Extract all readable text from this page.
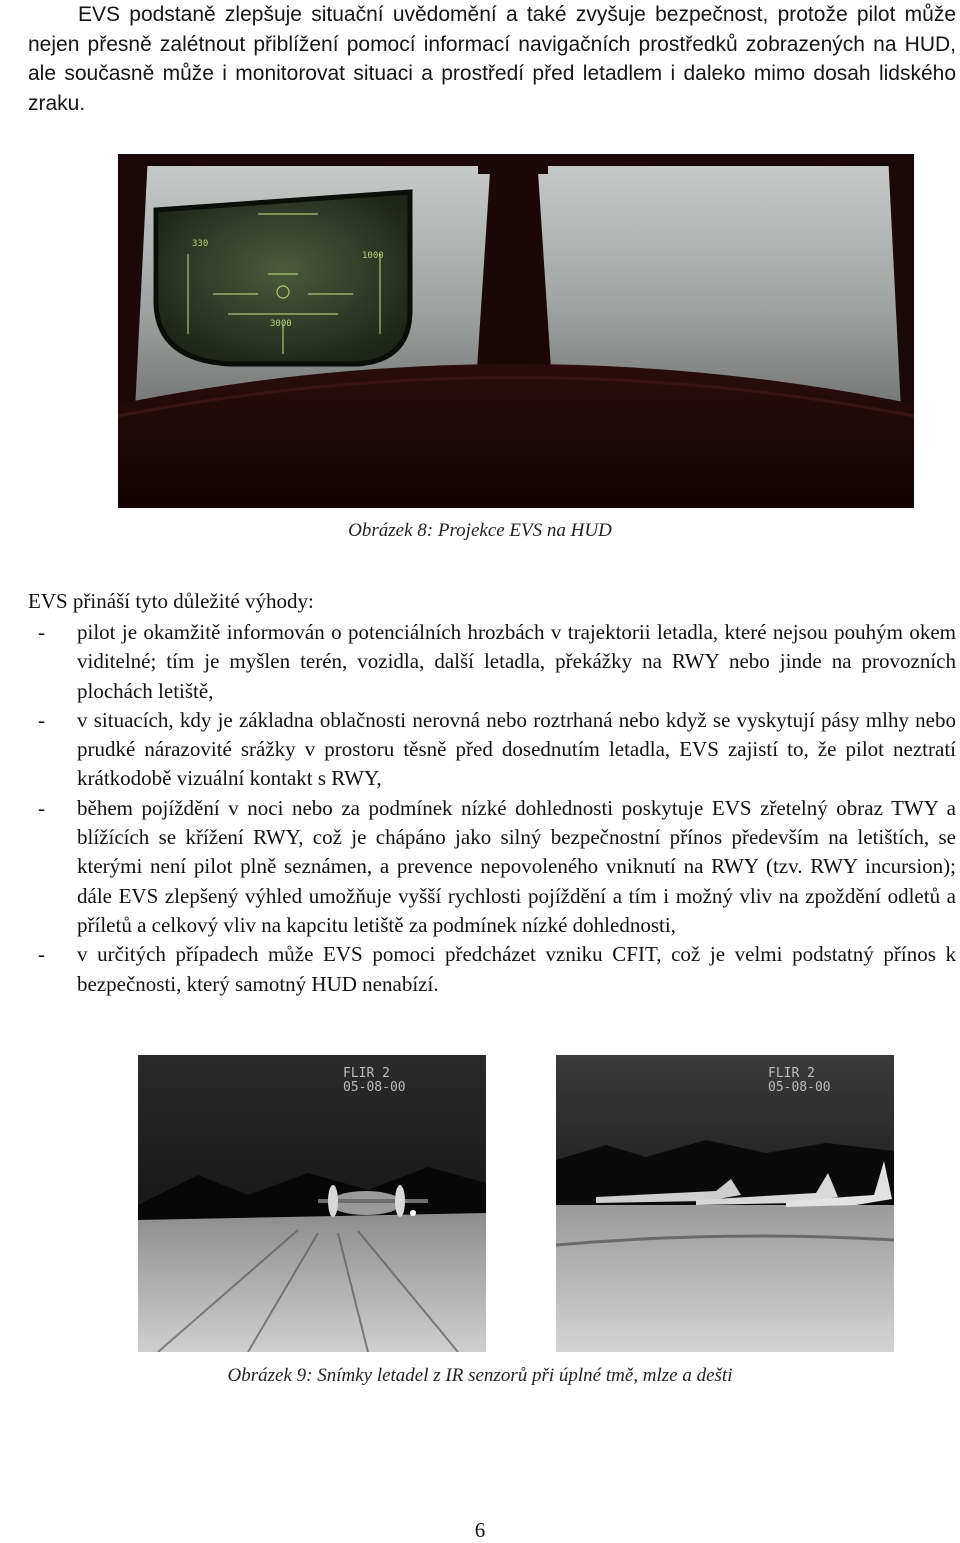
EVS podstaně zlepšuje situační uvědomění a také zvyšuje bezpečnost, protože pilot může nejen přesně zalétnout přiblížení pomocí informací navigačních prostředků zobrazených na HUD, ale současně může i monitorovat situaci a prostředí před letadlem i daleko mimo dosah lidského zraku.

330
1000
3000

Obrázek 8: Projekce EVS na HUD

EVS přináší tyto důležité výhody:

- pilot je okamžitě informován o potenciálních hrozbách v trajektorii letadla, které nejsou pouhým okem viditelné; tím je myšlen terén, vozidla, další letadla, překážky na RWY nebo jinde na provozních plochách letiště,
- v situacích, kdy je základna oblačnosti nerovná nebo roztrhaná nebo když se vyskytují pásy mlhy nebo prudké nárazovité srážky v prostoru těsně před dosednutím letadla, EVS zajistí to, že pilot neztratí krátkodobě vizuální kontakt s RWY,
- během pojíždění v noci nebo za podmínek nízké dohlednosti poskytuje EVS zřetelný obraz TWY a blížících se křížení RWY, což je chápáno jako silný bezpečnostní přínos především na letištích, se kterými není pilot plně seznámen, a prevence nepovoleného vniknutí na RWY (tzv. RWY incursion); dále EVS zlepšený výhled umožňuje vyšší rychlosti pojíždění a tím i možný vliv na zpoždění odletů a příletů a celkový vliv na kapcitu letiště za podmínek nízké dohlednosti,
- v určitých případech může EVS pomoci předcházet vzniku CFIT, což je velmi podstatný přínos k bezpečnosti, který samotný HUD nenabízí.
FLIR 2
05-08-00
FLIR 2
05-08-00

Obrázek 9: Snímky letadel z IR senzorů při úplné tmě, mlze a dešti

6
